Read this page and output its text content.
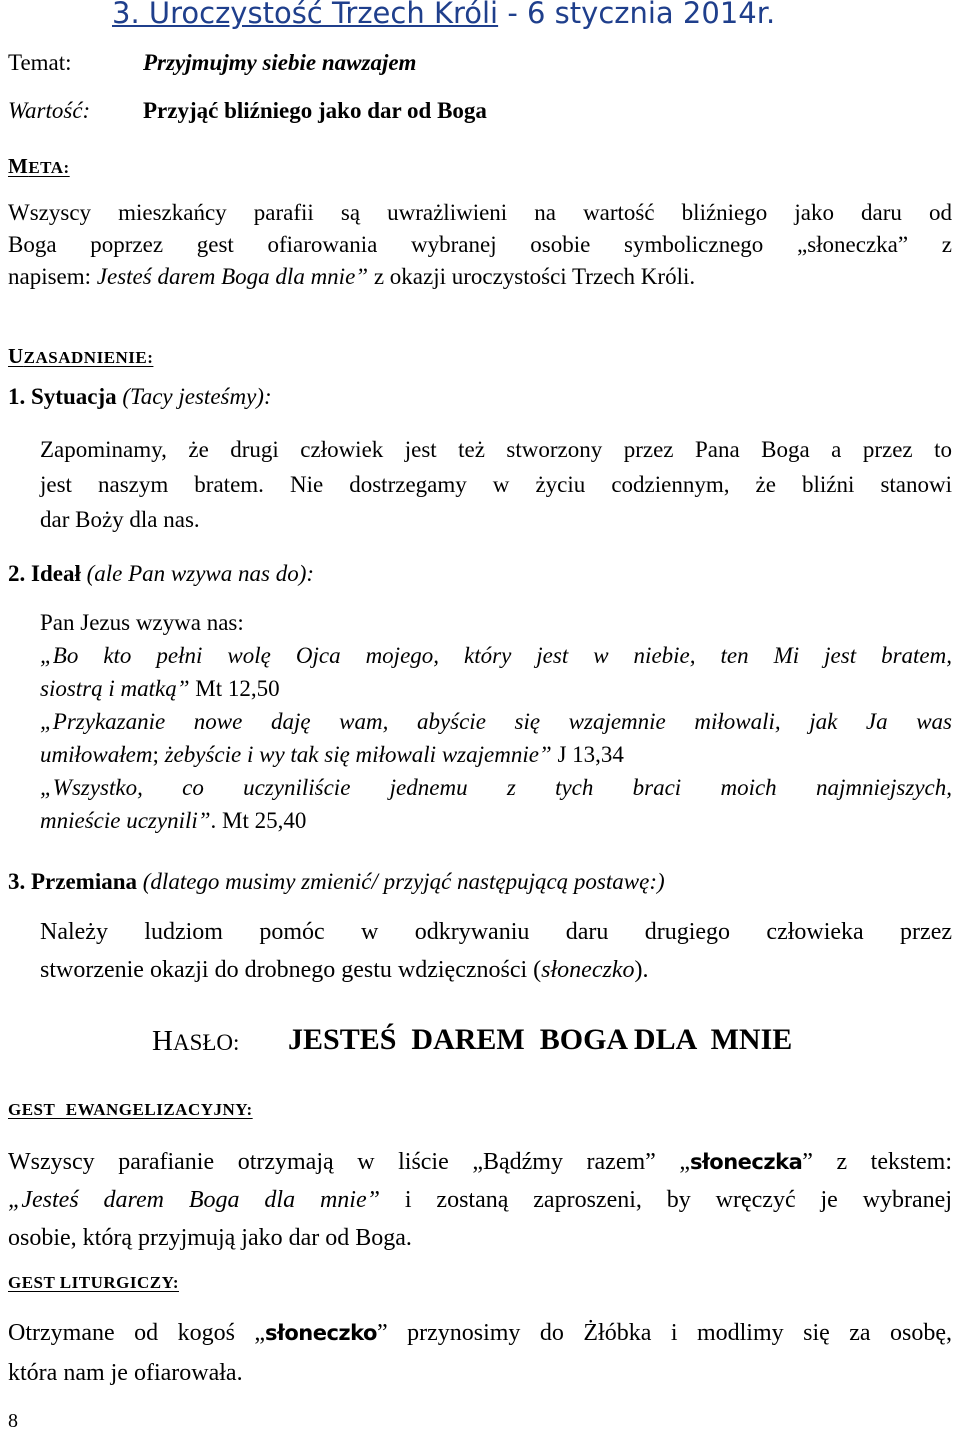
3. Uroczystość Trzech Króli - 6 stycznia 2014r.
Temat:	Przyjmujmy siebie nawzajem
Wartość: Przyjąć bliźniego jako dar od Boga
META:
Wszyscy mieszkańcy parafii są uwrażliwieni na wartość bliźniego jako daru od
Boga poprzez gest ofiarowania wybranej osobie symbolicznego „słoneczka” z
napisem: Jesteś darem Boga dla mnie” z okazji uroczystości Trzech Króli.
UZASADNIENIE:
1. Sytuacja (Tacy jesteśmy):
Zapominamy, że drugi człowiek jest też stworzony przez Pana Boga a przez to
jest naszym bratem. Nie dostrzegamy w życiu codziennym, że bliźni stanowi
dar Boży dla nas.
2. Ideał (ale Pan wzywa nas do):
Pan Jezus wzywa nas:
„Bo kto pełni wolę Ojca mojego, który jest w niebie, ten Mi jest bratem,
siostrą i matką” Mt 12,50
„Przykazanie nowe daję wam, abyście się wzajemnie miłowali, jak Ja was
umiłowałem; żebyście i wy tak się miłowali wzajemnie” J 13,34
„Wszystko, co uczyniliście jednemu z tych braci moich najmniejszych,
mnieście uczynili”. Mt 25,40
3. Przemiana (dlatego musimy zmienić/ przyjąć następującą postawę:)
Należy ludziom pomóc w odkrywaniu daru drugiego człowieka przez
stworzenie okazji do drobnego gestu wdzięczności (słoneczko).
HASŁO: JESTEŚ  DAREM  BOGA DLA  MNIE
GEST EWANGELIZACYJNY:
Wszyscy parafianie otrzymają w liście „Bądźmy razem” „słoneczka” z tekstem:
„Jesteś darem Boga dla mnie” i zostaną zaproszeni, by wręczyć je wybranej
osobie, którą przyjmują jako dar od Boga.
GEST LITURGICZY:
Otrzymane od kogoś „słoneczko” przynosimy do Żłóbka i modlimy się za osobę,
która nam je ofiarowała.
8
